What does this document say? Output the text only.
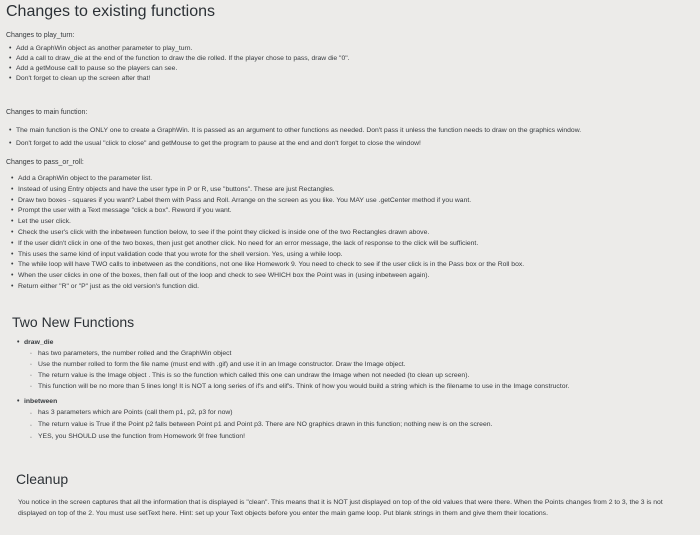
Changes to existing functions
Changes to play_turn:
• Add a GraphWin object as another parameter to play_turn.
• Add a call to draw_die at the end of the function to draw the die rolled. If the player chose to pass, draw die "0".
• Add a getMouse call to pause so the players can see.
• Don't forget to clean up the screen after that!
Changes to main function:
• The main function is the ONLY one to create a GraphWin. It is passed as an argument to other functions as needed. Don't pass it unless the function needs to draw on the graphics window.
• Don't forget to add the usual "click to close" and getMouse to get the program to pause at the end and don't forget to close the window!
Changes to pass_or_roll:
• Add a GraphWin object to the parameter list.
• Instead of using Entry objects and have the user type in P or R, use "buttons". These are just Rectangles.
• Draw two boxes - squares if you want? Label them with Pass and Roll. Arrange on the screen as you like. You MAY use .getCenter method if you want.
• Prompt the user with a Text message "click a box". Reword if you want.
• Let the user click.
• Check the user's click with the inbetween function below, to see if the point they clicked is inside one of the two Rectangles drawn above.
• If the user didn't click in one of the two boxes, then just get another click. No need for an error message, the lack of response to the click will be sufficient.
• This uses the same kind of input validation code that you wrote for the shell version. Yes, using a while loop.
• The while loop will have TWO calls to inbetween as the conditions, not one like Homework 9. You need to check to see if the user click is in the Pass box or the Roll box.
• When the user clicks in one of the boxes, then fall out of the loop and check to see WHICH box the Point was in (using inbetween again).
• Return either "R" or "P" just as the old version's function did.
Two New Functions
• draw_die
▫ has two parameters, the number rolled and the GraphWin object
▫ Use the number rolled to form the file name (must end with .gif) and use it in an Image constructor. Draw the Image object.
▫ The return value is the Image object . This is so the function which called this one can undraw the Image when not needed (to clean up screen).
▫ This function will be no more than 5 lines long! It is NOT a long series of if's and elif's. Think of how you would build a string which is the filename to use in the Image constructor.
• inbetween
▫ has 3 parameters which are Points (call them p1, p2, p3 for now)
▫ The return value is True if the Point p2 falls between Point p1 and Point p3. There are NO graphics drawn in this function; nothing new is on the screen.
▫ YES, you SHOULD use the function from Homework 9! free function!
Cleanup
You notice in the screen captures that all the information that is displayed is "clean". This means that it is NOT just displayed on top of the old values that were there. When the Points changes from 2 to 3, the 3 is not displayed on top of the 2. You must use setText here. Hint: set up your Text objects before you enter the main game loop. Put blank strings in them and give them their locations.
